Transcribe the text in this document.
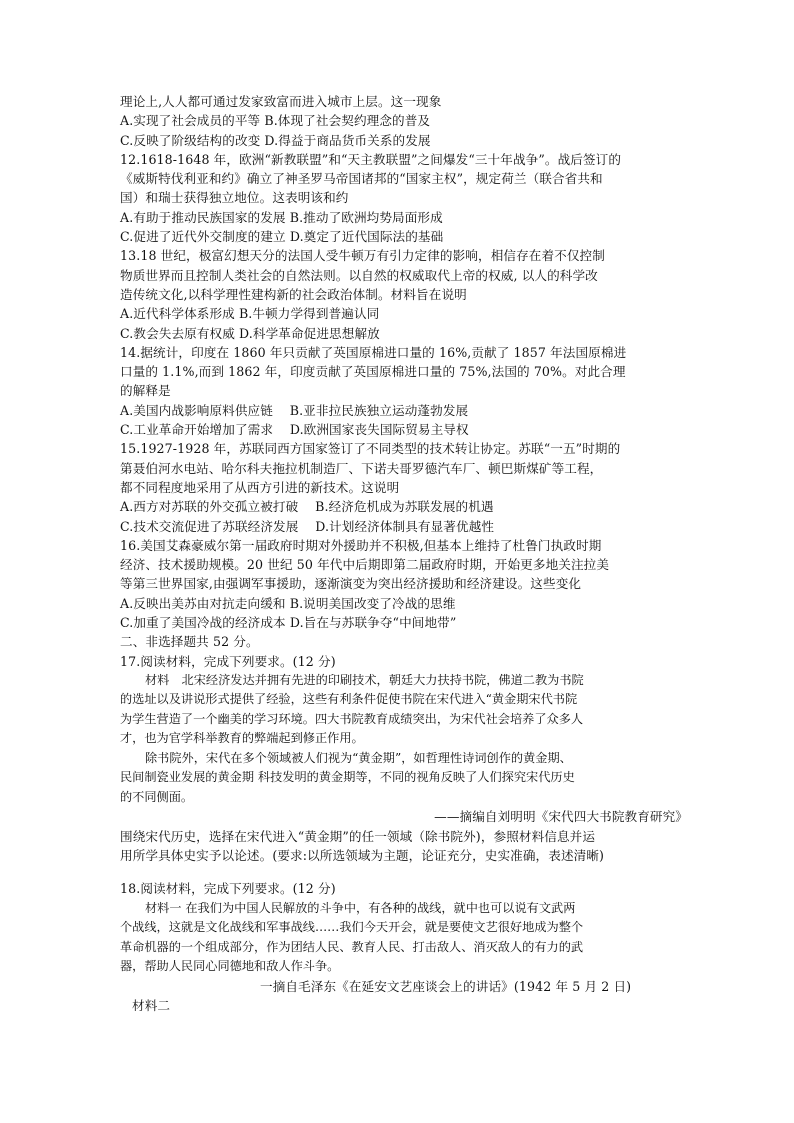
理论上,人人都可通过发家致富而进入城市上层。这一现象
A.实现了社会成员的平等 B.体现了社会契约理念的普及
C.反映了阶级结构的改变 D.得益于商品货币关系的发展
12.1618-1648 年，欧洲“新教联盟”和“天主教联盟”之间爆发“三十年战争”。战后签订的
《威斯特伐利亚和约》确立了神圣罗马帝国诸邦的“国家主权”，规定荷兰（联合省共和
国）和瑞士获得独立地位。这表明该和约
A.有助于推动民族国家的发展 B.推动了欧洲均势局面形成
C.促进了近代外交制度的建立 D.奠定了近代国际法的基础
13.18 世纪，极富幻想天分的法国人受牛顿万有引力定律的影响，相信存在着不仅控制
物质世界而且控制人类社会的自然法则。以自然的权威取代上帝的权威, 以人的科学改
造传统文化,以科学理性建构新的社会政治体制。材料旨在说明
A.近代科学体系形成 B.牛顿力学得到普遍认同
C.教会失去原有权威 D.科学革命促进思想解放
14.据统计，印度在 1860 年只贡献了英国原棉进口量的 16%,贡献了 1857 年法国原棉进
口量的 1.1%,而到 1862 年，印度贡献了英国原棉进口量的 75%,法国的 70%。对此合理
的解释是
A.美国内战影响原料供应链　 B.亚非拉民族独立运动蓬勃发展
C.工业革命开始增加了需求　 D.欧洲国家丧失国际贸易主导权
15.1927-1928 年，苏联同西方国家签订了不同类型的技术转让协定。苏联“一五”时期的
第聂伯河水电站、哈尔科夫拖拉机制造厂、下诺夫哥罗德汽车厂、顿巴斯煤矿等工程，
都不同程度地采用了从西方引进的新技术。这说明
A.西方对苏联的外交孤立被打破　 B.经济危机成为苏联发展的机遇
C.技术交流促进了苏联经济发展　 D.计划经济体制具有显著优越性
16.美国艾森豪威尔第一届政府时期对外援助并不积极,但基本上维持了杜鲁门执政时期
经济、技术援助规模。20 世纪 50 年代中后期即第二届政府时期，开始更多地关注拉美
等第三世界国家,由强调军事援助，逐渐演变为突出经济援助和经济建设。这些变化
A.反映出美苏由对抗走向缓和 B.说明美国改变了冷战的思维
C.加重了美国冷战的经济成本 D.旨在与苏联争夺“中间地带”
二、非选择题共 52 分。
17.阅读材料，完成下列要求。(12 分)
材料　北宋经济发达并拥有先进的印刷技术，朝廷大力扶持书院，佛道二教为书院
的选址以及讲说形式提供了经验，这些有利条件促使书院在宋代进入“黄金期宋代书院
为学生营造了一个幽美的学习环境。四大书院教育成绩突出，为宋代社会培养了众多人
才，也为官学科举教育的弊端起到修正作用。
除书院外，宋代在多个领域被人们视为“黄金期”，如哲理性诗词创作的黄金期、
民间制瓷业发展的黄金期 科技发明的黄金期等，不同的视角反映了人们探究宋代历史
的不同侧面。
——摘编自刘明明《宋代四大书院教育研究》
围绕宋代历史，选择在宋代进入“黄金期”的任一领域（除书院外)，参照材料信息并运
用所学具体史实予以论述。(要求:以所选领域为主题，论证充分，史实准确，表述清晰)
18.阅读材料，完成下列要求。(12 分)
材料一 在我们为中国人民解放的斗争中，有各种的战线，就中也可以说有文武两
个战线，这就是文化战线和军事战线……我们今天开会，就是要使文艺很好地成为整个
革命机器的一个组成部分，作为团结人民、教育人民、打击敌人、消灭敌人的有力的武
器，帮助人民同心同德地和敌人作斗争。
一摘自毛泽东《在延安文艺座谈会上的讲话》(1942 年 5 月 2 日)
材料二
